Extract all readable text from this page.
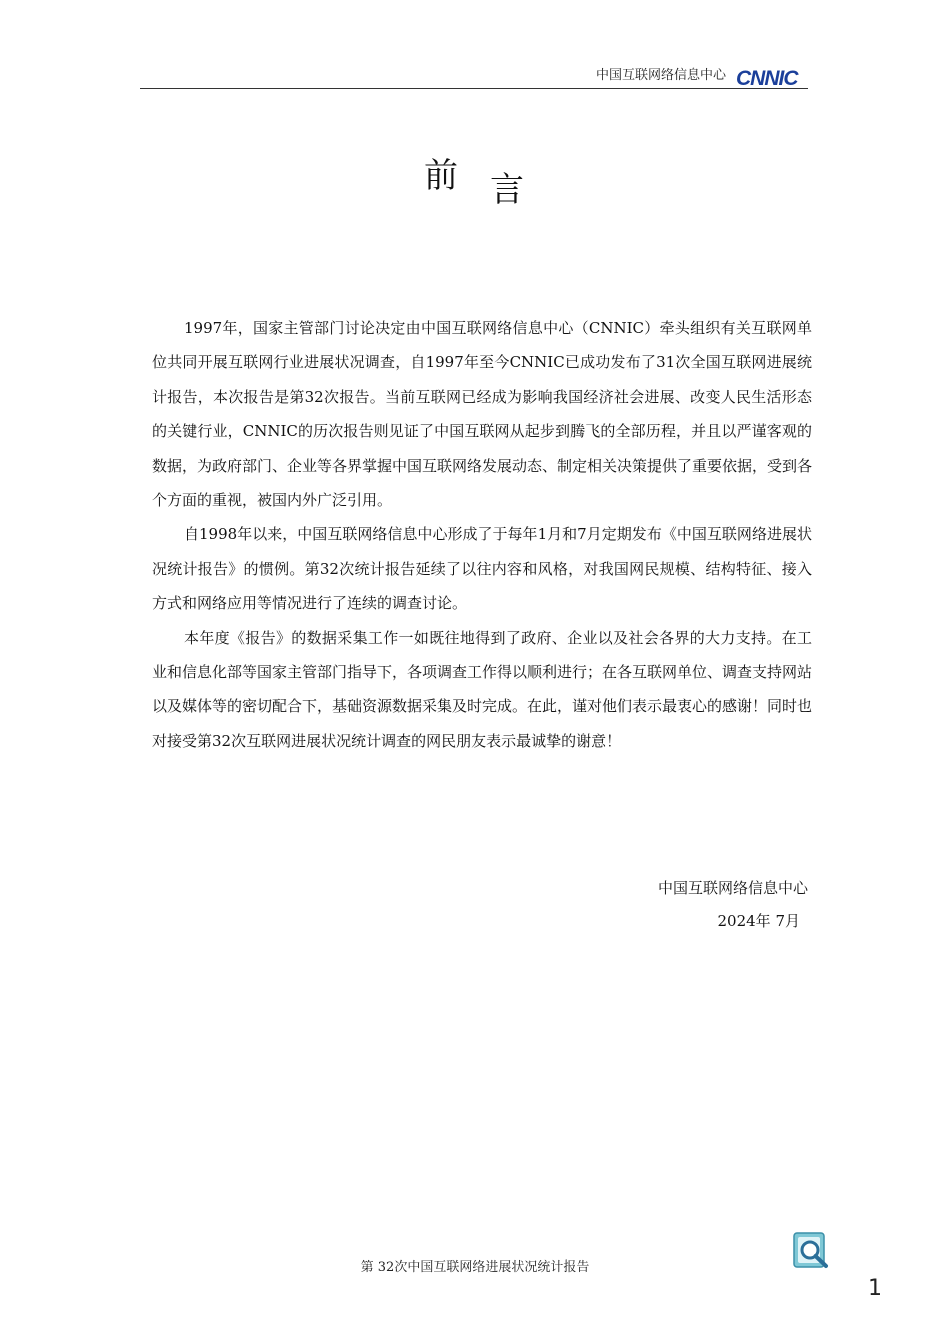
中国互联网络信息中心 CNNIC
前 言

1997年，国家主管部门讨论决定由中国互联网络信息中心（CNNIC）牵头组织有关互联网单位共同开展互联网行业进展状况调查，自1997年至今CNNIC已成功发布了31次全国互联网进展统计报告，本次报告是第32次报告。当前互联网已经成为影响我国经济社会进展、改变人民生活形态的关键行业，CNNIC的历次报告则见证了中国互联网从起步到腾飞的全部历程，并且以严谨客观的数据，为政府部门、企业等各界掌握中国互联网络发展动态、制定相关决策提供了重要依据，受到各个方面的重视，被国内外广泛引用。

自1998年以来，中国互联网络信息中心形成了于每年1月和7月定期发布《中国互联网络进展状况统计报告》的惯例。第32次统计报告延续了以往内容和风格，对我国网民规模、结构特征、接入方式和网络应用等情况进行了连续的调查讨论。

本年度《报告》的数据采集工作一如既往地得到了政府、企业以及社会各界的大力支持。在工业和信息化部等国家主管部门指导下，各项调查工作得以顺利进行；在各互联网单位、调查支持网站以及媒体等的密切配合下，基础资源数据采集及时完成。在此，谨对他们表示最衷心的感谢！同时也对接受第32次互联网进展状况统计调查的网民朋友表示最诚挚的谢意！

中国互联网络信息中心
2024年 7月
第 32次中国互联网络进展状况统计报告
1
